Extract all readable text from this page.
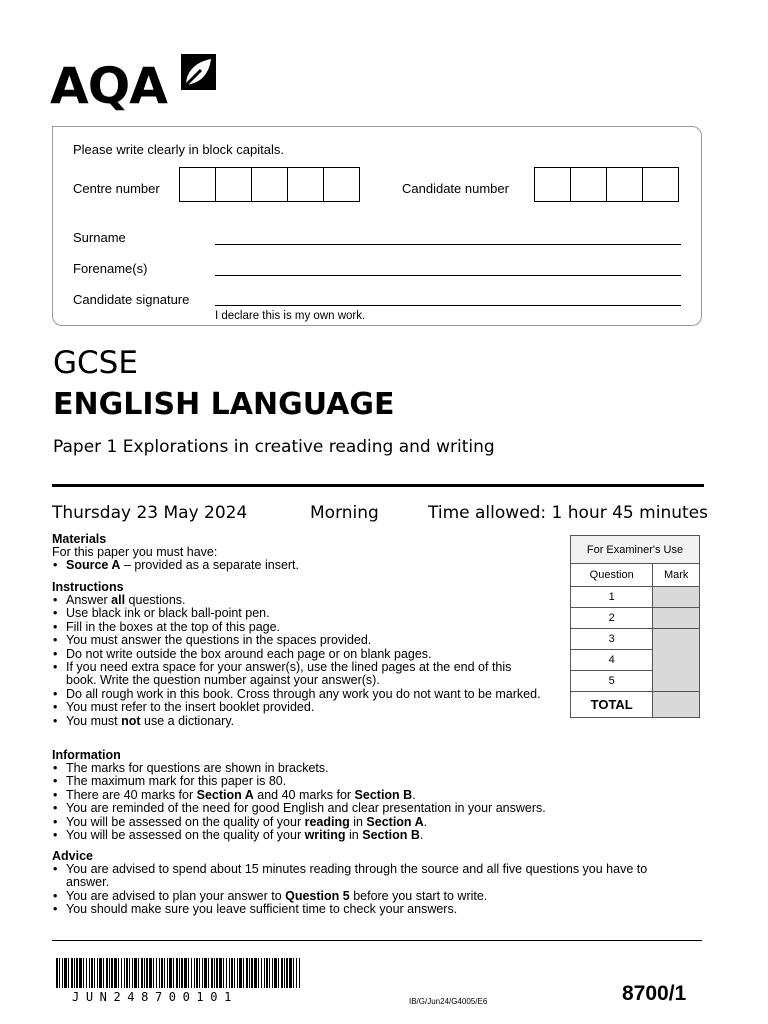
AQA
Please write clearly in block capitals.
Centre number	Candidate number
Surname
Forename(s)
Candidate signature
I declare this is my own work.
GCSE
ENGLISH LANGUAGE
Paper 1 Explorations in creative reading and writing
Thursday 23 May 2024	Morning	Time allowed: 1 hour 45 minutes
Materials
For this paper you must have:
• Source A – provided as a separate insert.
Instructions
• Answer all questions.
• Use black ink or black ball-point pen.
• Fill in the boxes at the top of this page.
• You must answer the questions in the spaces provided.
• Do not write outside the box around each page or on blank pages.
• If you need extra space for your answer(s), use the lined pages at the end of this book. Write the question number against your answer(s).
• Do all rough work in this book. Cross through any work you do not want to be marked.
• You must refer to the insert booklet provided.
• You must not use a dictionary.
Information
• The marks for questions are shown in brackets.
• The maximum mark for this paper is 80.
• There are 40 marks for Section A and 40 marks for Section B.
• You are reminded of the need for good English and clear presentation in your answers.
• You will be assessed on the quality of your reading in Section A.
• You will be assessed on the quality of your writing in Section B.
Advice
• You are advised to spend about 15 minutes reading through the source and all five questions you have to answer.
• You are advised to plan your answer to Question 5 before you start to write.
• You should make sure you leave sufficient time to check your answers.
For Examiner's Use	
Question	Mark
1	
2	
3	
4	
5	
TOTAL	
JUN248700101	IB/G/Jun24/G4005/E6	8700/1
